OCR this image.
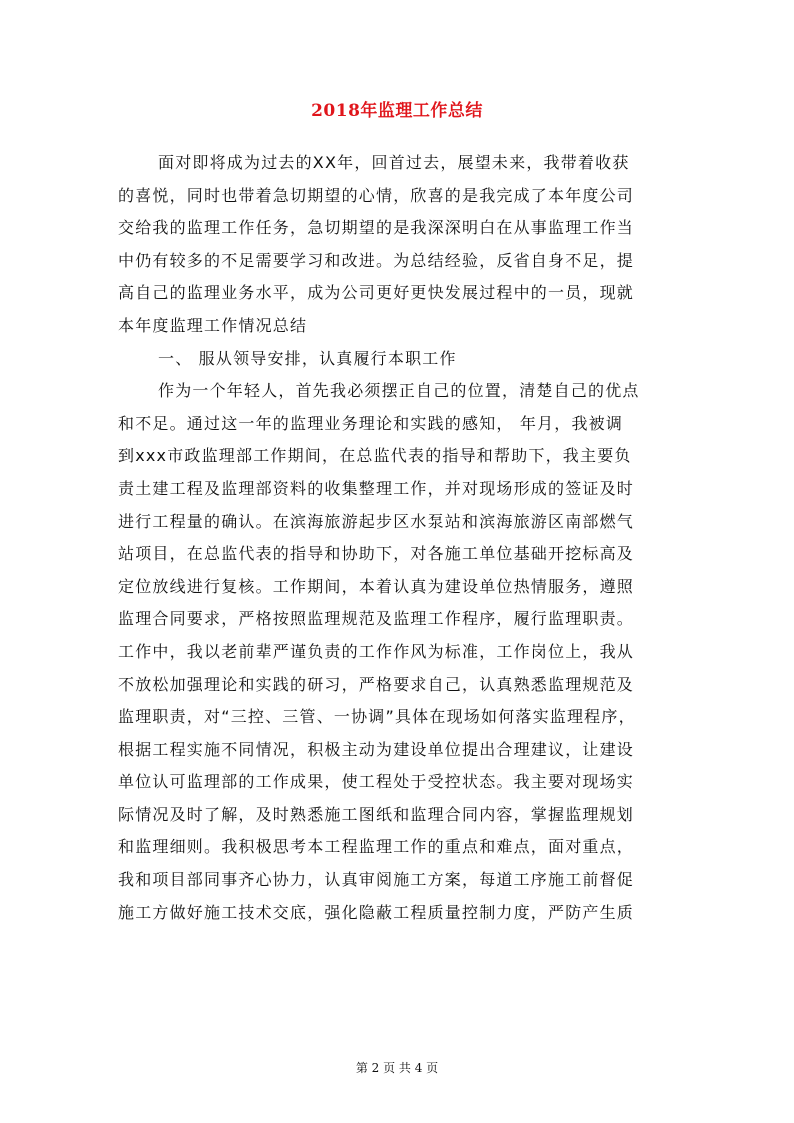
2018年监理工作总结
面对即将成为过去的XX年，回首过去，展望未来，我带着收获
的喜悦，同时也带着急切期望的心情，欣喜的是我完成了本年度公司
交给我的监理工作任务，急切期望的是我深深明白在从事监理工作当
中仍有较多的不足需要学习和改进。为总结经验，反省自身不足，提
高自己的监理业务水平，成为公司更好更快发展过程中的一员，现就
本年度监理工作情况总结
一、 服从领导安排，认真履行本职工作
作为一个年轻人，首先我必须摆正自己的位置，清楚自己的优点
和不足。通过这一年的监理业务理论和实践的感知， 年月，我被调
到xxx市政监理部工作期间，在总监代表的指导和帮助下，我主要负
责土建工程及监理部资料的收集整理工作，并对现场形成的签证及时
进行工程量的确认。在滨海旅游起步区水泵站和滨海旅游区南部燃气
站项目，在总监代表的指导和协助下，对各施工单位基础开挖标高及
定位放线进行复核。工作期间，本着认真为建设单位热情服务，遵照
监理合同要求，严格按照监理规范及监理工作程序，履行监理职责。
工作中，我以老前辈严谨负责的工作作风为标准，工作岗位上，我从
不放松加强理论和实践的研习，严格要求自己，认真熟悉监理规范及
监理职责，对“三控、三管、一协调”具体在现场如何落实监理程序，
根据工程实施不同情况，积极主动为建设单位提出合理建议，让建设
单位认可监理部的工作成果，使工程处于受控状态。我主要对现场实
际情况及时了解，及时熟悉施工图纸和监理合同内容，掌握监理规划
和监理细则。我积极思考本工程监理工作的重点和难点，面对重点，
我和项目部同事齐心协力，认真审阅施工方案，每道工序施工前督促
施工方做好施工技术交底，强化隐蔽工程质量控制力度，严防产生质
第 2 页 共 4 页
